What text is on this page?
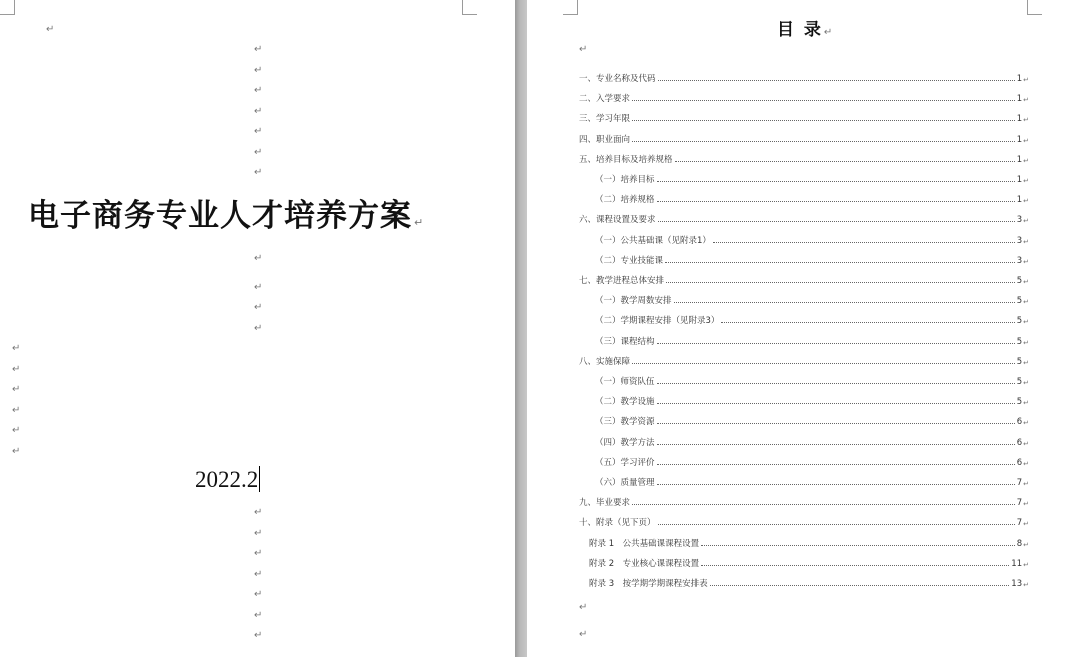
↵
↵
↵
↵
↵
↵
↵
↵
电子商务专业人才培养方案 ↵
↵
↵
↵
↵
↵
↵
↵
↵
↵
↵
2022.2
↵
↵
↵
↵
↵
↵
↵
目 录↵
↵
一、专业名称及代码	1 ↵
二、入学要求	1 ↵
三、学习年限	1 ↵
四、职业面向	1 ↵
五、培养目标及培养规格	1 ↵
（一）培养目标	1 ↵
（二）培养规格	1 ↵
六、课程设置及要求	3 ↵
（一）公共基础课（见附录1）	3 ↵
（二）专业技能课	3 ↵
七、教学进程总体安排	5 ↵
（一）教学周数安排	5 ↵
（二）学期课程安排（见附录3）	5 ↵
（三）课程结构	5 ↵
八、实施保障	5 ↵
（一）师资队伍	5 ↵
（二）教学设施	5 ↵
（三）教学资源	6 ↵
（四）教学方法	6 ↵
（五）学习评价	6 ↵
（六）质量管理	7 ↵
九、毕业要求	7 ↵
十、附录（见下页）	7 ↵
附录 1　公共基础课课程设置	8 ↵
附录 2　专业核心课课程设置	11 ↵
附录 3　按学期学期课程安排表	13 ↵
↵
↵
